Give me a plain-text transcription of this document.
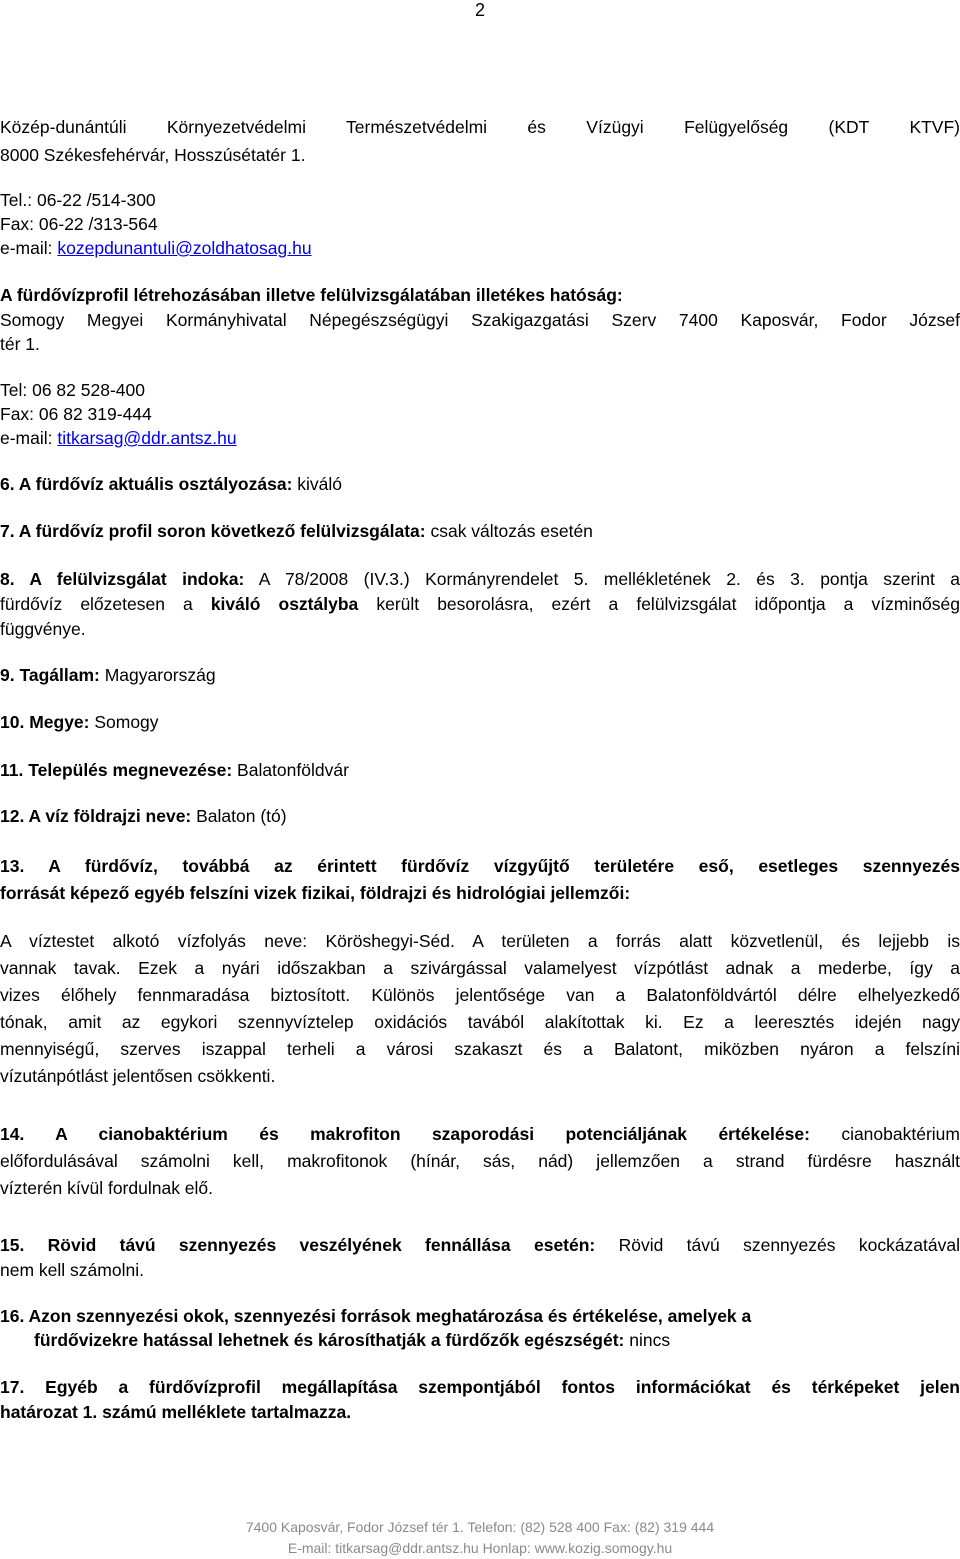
2
Közép-dunántúli Környezetvédelmi Természetvédelmi és Vízügyi Felügyelőség (KDT KTVF)
8000 Székesfehérvár, Hosszúsétatér 1.
Tel.: 06-22 /514-300
Fax: 06-22 /313-564
e-mail: kozepdunantuli@zoldhatosag.hu
A fürdővízprofil létrehozásában illetve felülvizsgálatában illetékes hatóság:
Somogy Megyei Kormányhivatal Népegészségügyi Szakigazgatási Szerv 7400 Kaposvár, Fodor József
tér 1.
Tel: 06 82 528-400
Fax: 06 82 319-444
e-mail: titkarsag@ddr.antsz.hu
6. A fürdővíz aktuális osztályozása: kiváló
7. A fürdővíz profil soron következő felülvizsgálata: csak változás esetén
8. A felülvizsgálat indoka: A 78/2008 (IV.3.) Kormányrendelet 5. mellékletének 2. és 3. pontja szerint a
fürdővíz előzetesen a kiváló osztályba került besorolásra, ezért a felülvizsgálat időpontja a vízminőség
függvénye.
9. Tagállam: Magyarország
10. Megye: Somogy
11. Település megnevezése: Balatonföldvár
12. A víz földrajzi neve: Balaton (tó)
13. A fürdővíz, továbbá az érintett fürdővíz vízgyűjtő területére eső, esetleges szennyezés
forrását képező egyéb felszíni vizek fizikai, földrajzi és hidrológiai jellemzői:
A víztestet alkotó vízfolyás neve: Köröshegyi-Séd. A területen a forrás alatt közvetlenül, és lejjebb is
vannak tavak. Ezek a nyári időszakban a szivárgással valamelyest vízpótlást adnak a mederbe, így a
vizes élőhely fennmaradása biztosított. Különös jelentősége van a Balatonföldvártól délre elhelyezkedő
tónak, amit az egykori szennyvíztelep oxidációs tavából alakítottak ki. Ez a leeresztés idején nagy
mennyiségű, szerves iszappal terheli a városi szakaszt és a Balatont, miközben nyáron a felszíni
vízutánpótlást jelentősen csökkenti.
14. A cianobaktérium és makrofiton szaporodási potenciáljának értékelése: cianobaktérium
előfordulásával számolni kell, makrofitonok (hínár, sás, nád) jellemzően a strand fürdésre használt
vízterén kívül fordulnak elő.
15. Rövid távú szennyezés veszélyének fennállása esetén: Rövid távú szennyezés kockázatával
nem kell számolni.
16. Azon szennyezési okok, szennyezési források meghatározása és értékelése, amelyek a
fürdővizekre hatással lehetnek és károsíthatják a fürdőzők egészségét: nincs
17. Egyéb a fürdővízprofil megállapítása szempontjából fontos információkat és térképeket jelen
határozat 1. számú melléklete tartalmazza.
7400 Kaposvár, Fodor József tér 1. Telefon: (82) 528 400 Fax: (82) 319 444
E-mail: titkarsag@ddr.antsz.hu Honlap: www.kozig.somogy.hu
